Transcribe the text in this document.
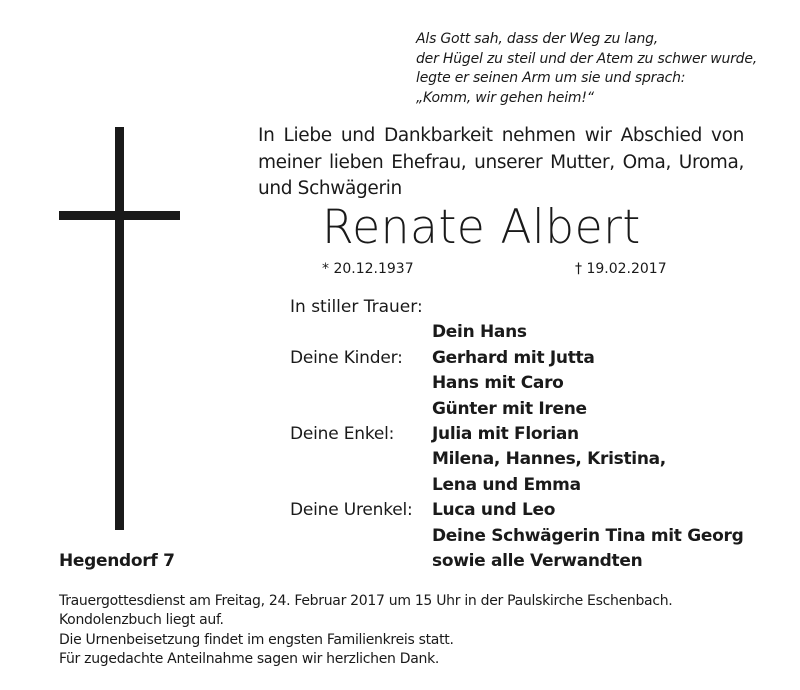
Als Gott sah, dass der Weg zu lang,
der Hügel zu steil und der Atem zu schwer wurde,
legte er seinen Arm um sie und sprach:
„Komm, wir gehen heim!“
In Liebe und Dankbarkeit nehmen wir Abschied von
meiner lieben Ehefrau, unserer Mutter, Oma, Uroma,
und Schwägerin
Renate Albert
* 20.12.1937	† 19.02.2017
In stiller Trauer:
Dein Hans
Deine Kinder:	Gerhard mit Jutta
Hans mit Caro
Günter mit Irene
Deine Enkel:	Julia mit Florian
Milena, Hannes, Kristina,
Lena und Emma
Deine Urenkel:	Luca und Leo
Deine Schwägerin Tina mit Georg
sowie alle Verwandten
Hegendorf 7
Trauergottesdienst am Freitag, 24. Februar 2017 um 15 Uhr in der Paulskirche Eschenbach.
Kondolenzbuch liegt auf.
Die Urnenbeisetzung findet im engsten Familienkreis statt.
Für zugedachte Anteilnahme sagen wir herzlichen Dank.
